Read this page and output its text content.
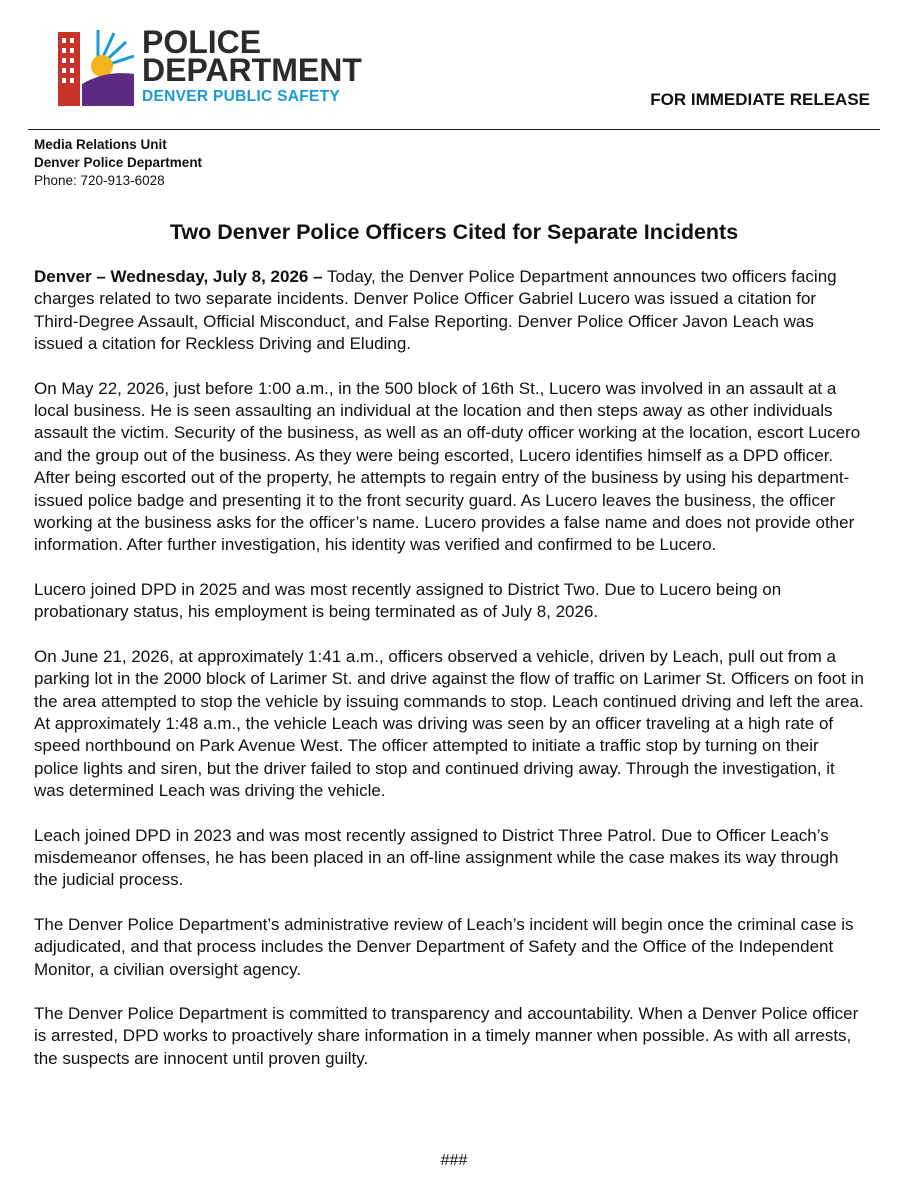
POLICE
DEPARTMENT
DENVER PUBLIC SAFETY	FOR IMMEDIATE RELEASE
Media Relations Unit
Denver Police Department
Phone: 720-913-6028
Two Denver Police Officers Cited for Separate Incidents

Denver – Wednesday, July 8, 2026 – Today, the Denver Police Department announces two officers facing charges related to two separate incidents. Denver Police Officer Gabriel Lucero was issued a citation for Third-Degree Assault, Official Misconduct, and False Reporting. Denver Police Officer Javon Leach was issued a citation for Reckless Driving and Eluding.

On May 22, 2026, just before 1:00 a.m., in the 500 block of 16th St., Lucero was involved in an assault at a local business. He is seen assaulting an individual at the location and then steps away as other individuals assault the victim. Security of the business, as well as an off-duty officer working at the location, escort Lucero and the group out of the business. As they were being escorted, Lucero identifies himself as a DPD officer. After being escorted out of the property, he attempts to regain entry of the business by using his department-issued police badge and presenting it to the front security guard. As Lucero leaves the business, the officer working at the business asks for the officer’s name. Lucero provides a false name and does not provide other information. After further investigation, his identity was verified and confirmed to be Lucero.

Lucero joined DPD in 2025 and was most recently assigned to District Two. Due to Lucero being on probationary status, his employment is being terminated as of July 8, 2026.

On June 21, 2026, at approximately 1:41 a.m., officers observed a vehicle, driven by Leach, pull out from a parking lot in the 2000 block of Larimer St. and drive against the flow of traffic on Larimer St. Officers on foot in the area attempted to stop the vehicle by issuing commands to stop. Leach continued driving and left the area. At approximately 1:48 a.m., the vehicle Leach was driving was seen by an officer traveling at a high rate of speed northbound on Park Avenue West. The officer attempted to initiate a traffic stop by turning on their police lights and siren, but the driver failed to stop and continued driving away. Through the investigation, it was determined Leach was driving the vehicle.

Leach joined DPD in 2023 and was most recently assigned to District Three Patrol. Due to Officer Leach’s misdemeanor offenses, he has been placed in an off-line assignment while the case makes its way through the judicial process.

The Denver Police Department’s administrative review of Leach’s incident will begin once the criminal case is adjudicated, and that process includes the Denver Department of Safety and the Office of the Independent Monitor, a civilian oversight agency.

The Denver Police Department is committed to transparency and accountability. When a Denver Police officer is arrested, DPD works to proactively share information in a timely manner when possible. As with all arrests, the suspects are innocent until proven guilty.

###
